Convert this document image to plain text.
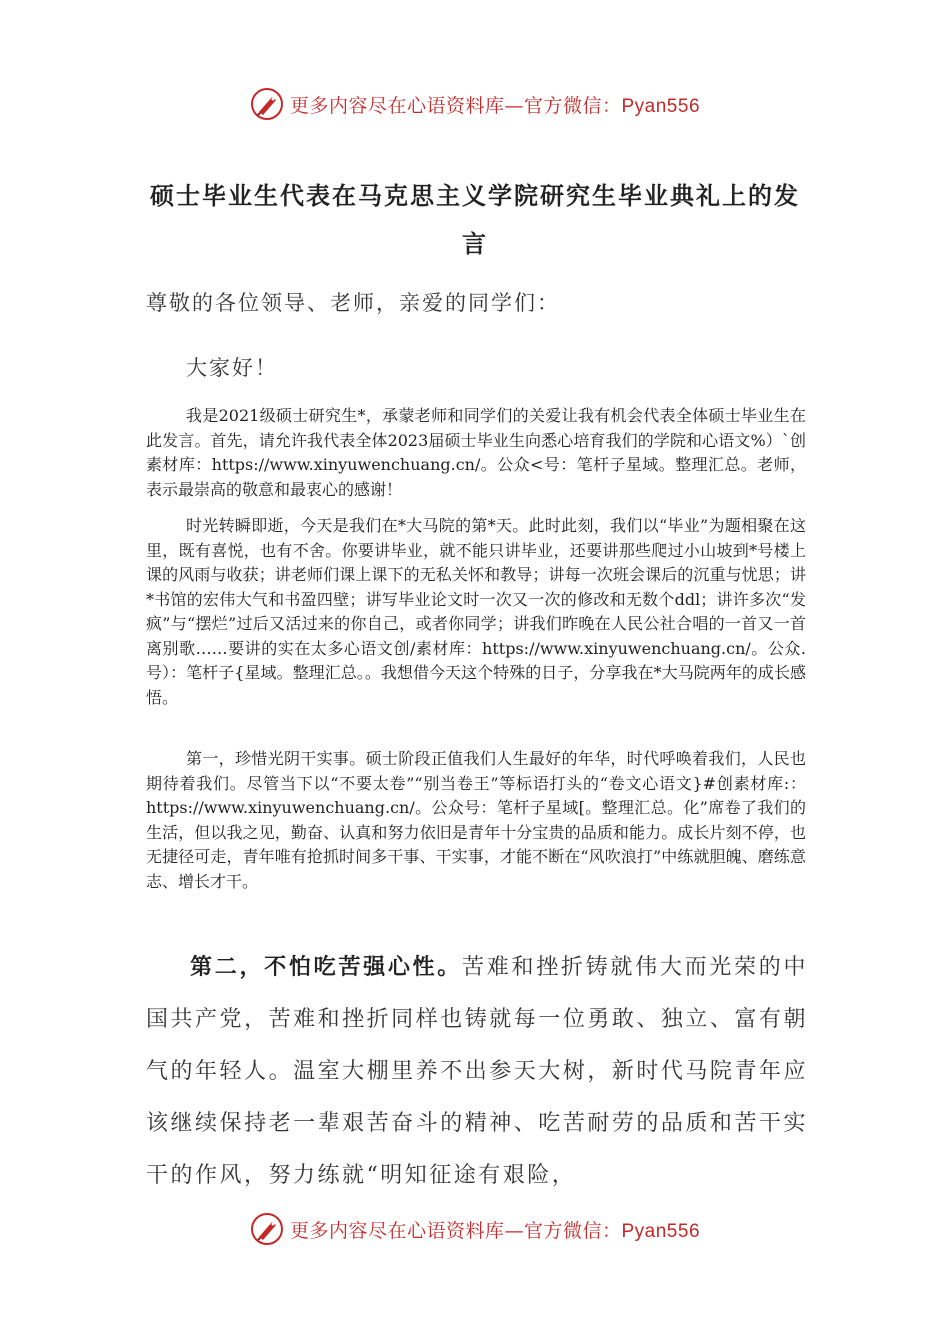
更多内容尽在心语资料库—官方微信：Pyan556
硕士毕业生代表在马克思主义学院研究生毕业典礼上的发言
尊敬的各位领导、老师，亲爱的同学们：
大家好！

我是2021级硕士研究生*，承蒙老师和同学们的关爱让我有机会代表全体硕士毕业生在此发言。首先，请允许我代表全体2023届硕士毕业生向悉心培育我们的学院和心语文%）`创素材库：https://www.xinyuwenchuang.cn/。公众<号：笔杆子星域。整理汇总。老师，表示最崇高的敬意和最衷心的感谢！

时光转瞬即逝，今天是我们在*大马院的第*天。此时此刻，我们以“毕业”为题相聚在这里，既有喜悦，也有不舍。你要讲毕业，就不能只讲毕业，还要讲那些爬过小山坡到*号楼上课的风雨与收获；讲老师们课上课下的无私关怀和教导；讲每一次班会课后的沉重与忧思；讲*书馆的宏伟大气和书盈四壁；讲写毕业论文时一次又一次的修改和无数个ddl；讲许多次“发疯”与“摆烂”过后又活过来的你自己，或者你同学；讲我们昨晚在人民公社合唱的一首又一首离别歌……要讲的实在太多心语文创/素材库：https://www.xinyuwenchuang.cn/。公众.号）：笔杆子{星域。整理汇总。。我想借今天这个特殊的日子，分享我在*大马院两年的成长感悟。

第一，珍惜光阴干实事。硕士阶段正值我们人生最好的年华，时代呼唤着我们，人民也期待着我们。尽管当下以“不要太卷”“别当卷王”等标语打头的“卷文心语文}#创素材库:：https://www.xinyuwenchuang.cn/。公众号：笔杆子星域[。整理汇总。化”席卷了我们的生活，但以我之见，勤奋、认真和努力依旧是青年十分宝贵的品质和能力。成长片刻不停，也无捷径可走，青年唯有抢抓时间多干事、干实事，才能不断在“风吹浪打”中练就胆魄、磨练意志、增长才干。

第二，不怕吃苦强心性。苦难和挫折铸就伟大而光荣的中国共产党，苦难和挫折同样也铸就每一位勇敢、独立、富有朝气的年轻人。温室大棚里养不出参天大树，新时代马院青年应该继续保持老一辈艰苦奋斗的精神、吃苦耐劳的品质和苦干实干的作风，努力练就“明知征途有艰险，

更多内容尽在心语资料库—官方微信：Pyan556
